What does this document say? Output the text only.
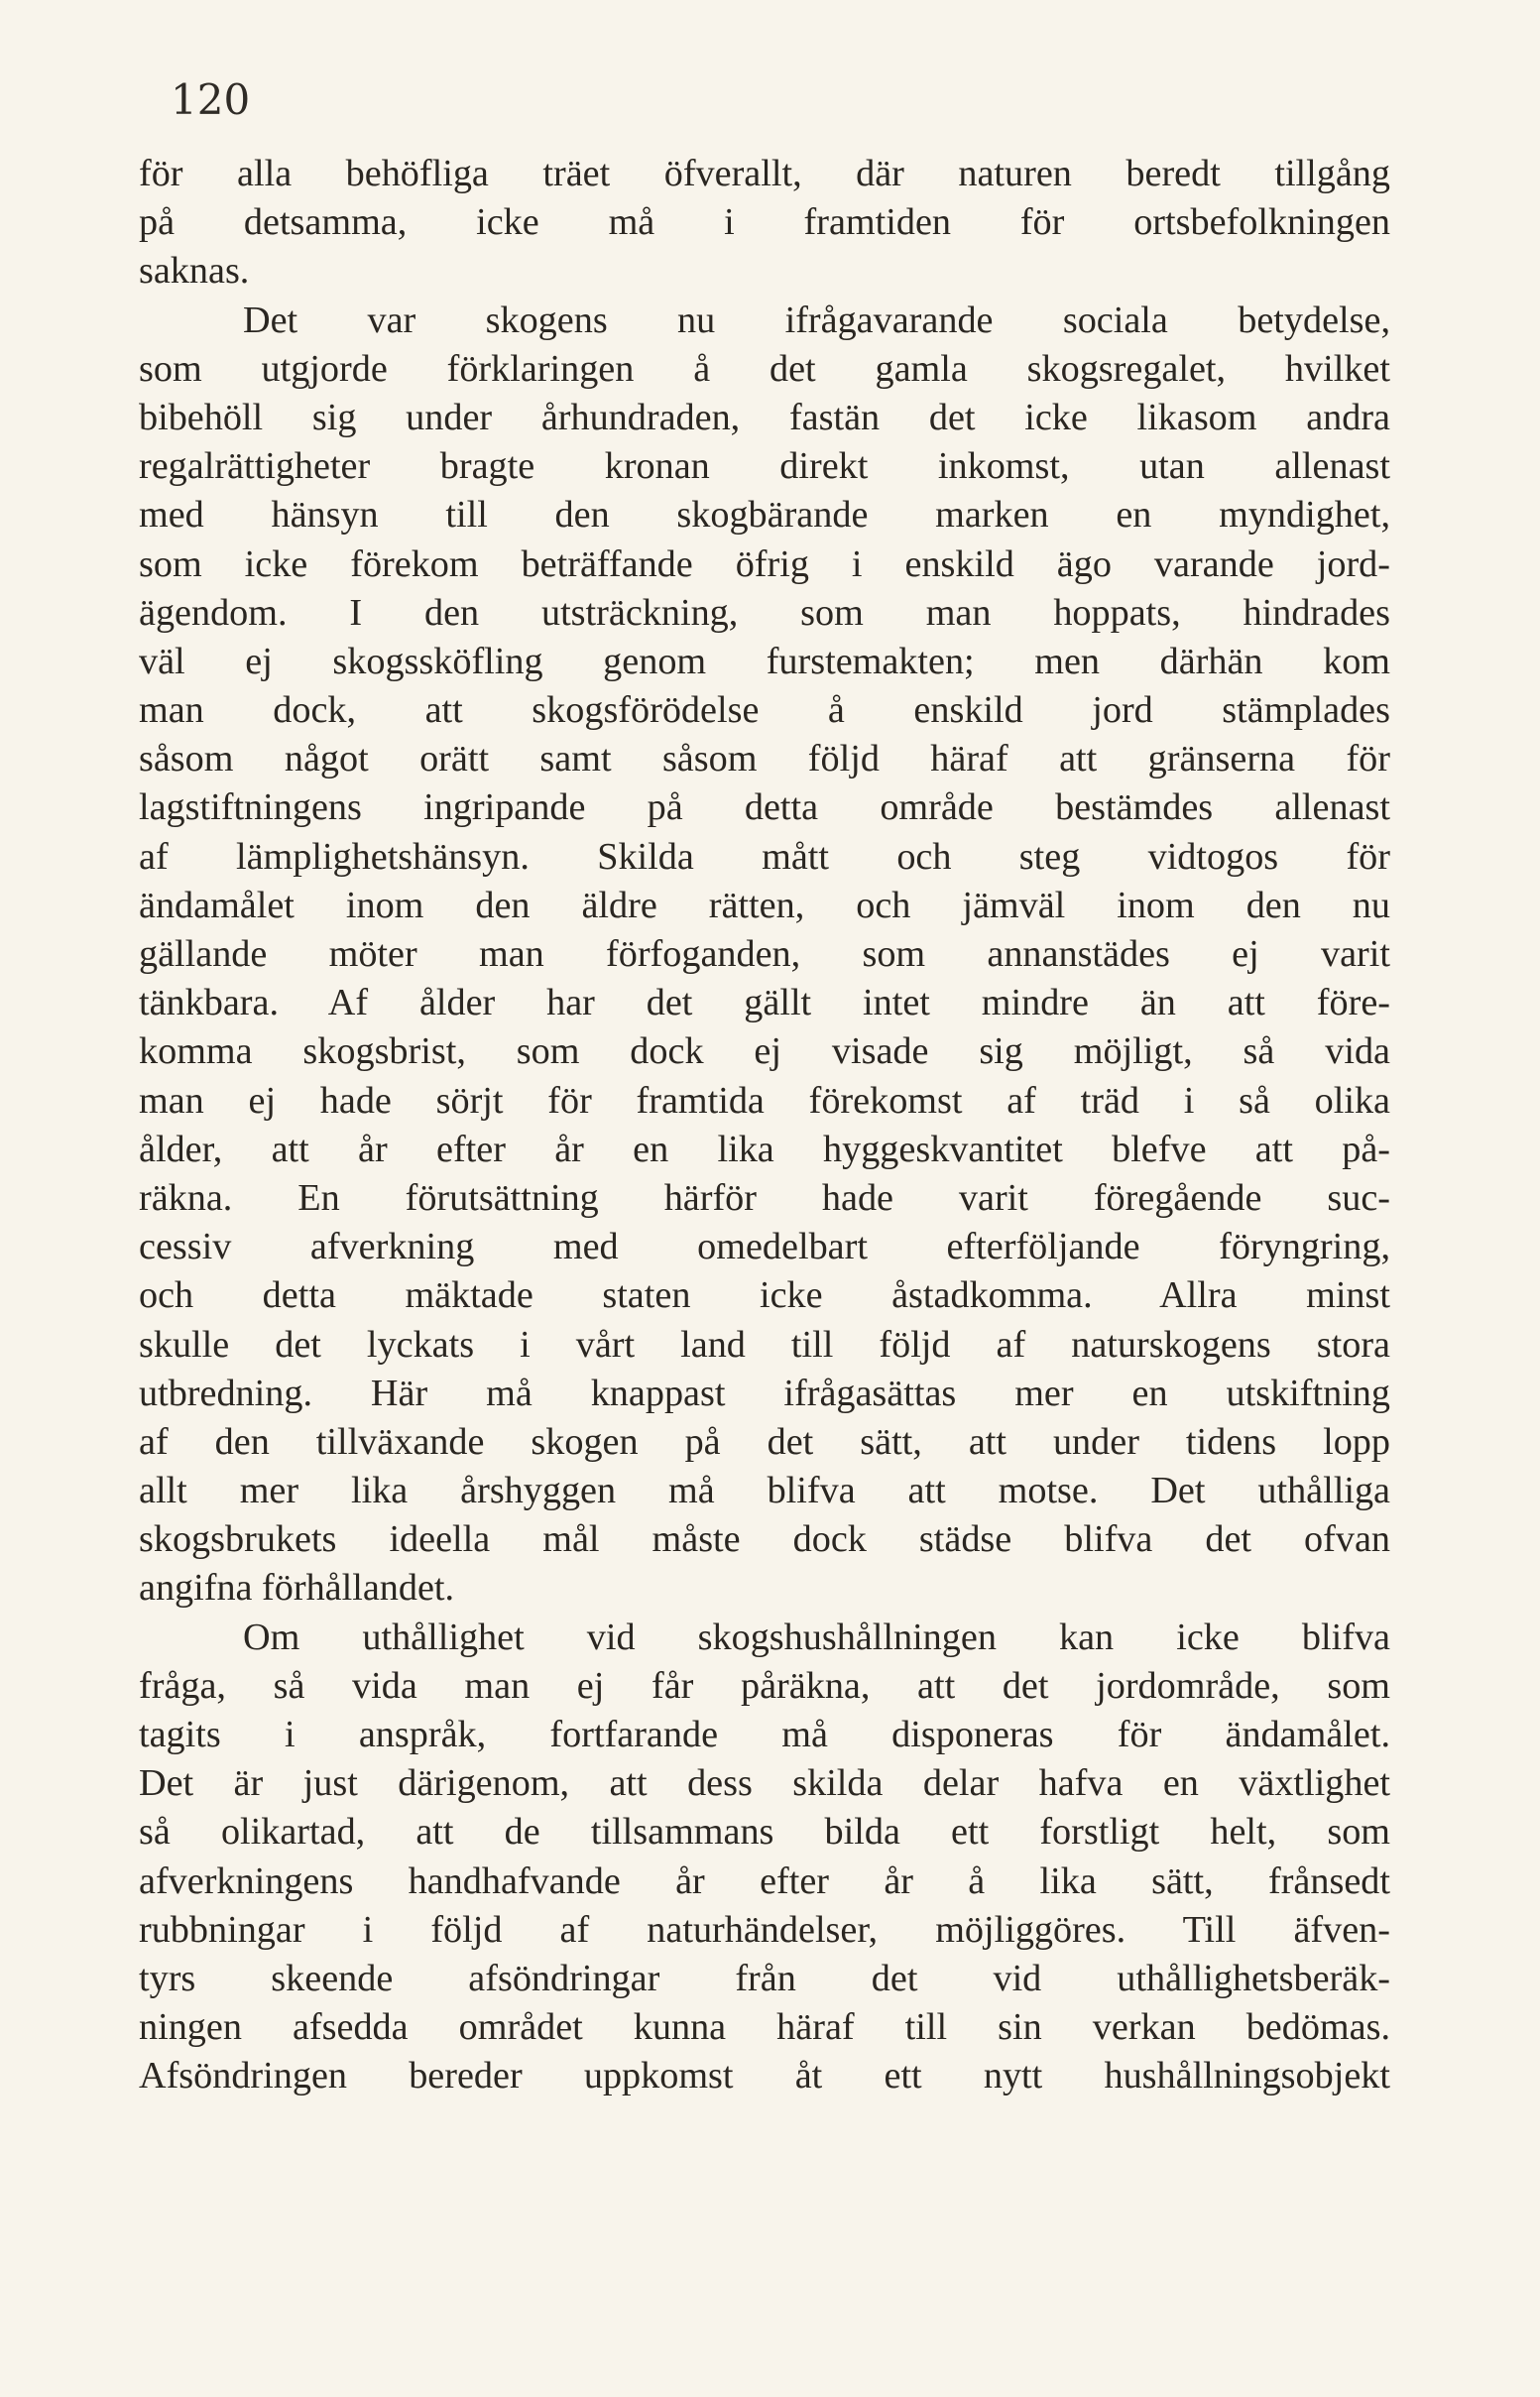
120
för alla behöfliga träet öfverallt, där naturen beredt tillgång
på detsamma, icke må i framtiden för ortsbefolkningen
saknas.
Det var skogens nu ifrågavarande sociala betydelse,
som utgjorde förklaringen å det gamla skogsregalet, hvilket
bibehöll sig under århundraden, fastän det icke likasom andra
regalrättigheter bragte kronan direkt inkomst, utan allenast
med hänsyn till den skogbärande marken en myndighet,
som icke förekom beträffande öfrig i enskild ägo varande jord-
ägendom. I den utsträckning, som man hoppats, hindrades
väl ej skogssköfling genom furstemakten; men därhän kom
man dock, att skogsförödelse å enskild jord stämplades
såsom något orätt samt såsom följd häraf att gränserna för
lagstiftningens ingripande på detta område bestämdes allenast
af lämplighetshänsyn. Skilda mått och steg vidtogos för
ändamålet inom den äldre rätten, och jämväl inom den nu
gällande möter man förfoganden, som annanstädes ej varit
tänkbara. Af ålder har det gällt intet mindre än att före-
komma skogsbrist, som dock ej visade sig möjligt, så vida
man ej hade sörjt för framtida förekomst af träd i så olika
ålder, att år efter år en lika hyggeskvantitet blefve att på-
räkna. En förutsättning härför hade varit föregående suc-
cessiv afverkning med omedelbart efterföljande föryngring,
och detta mäktade staten icke åstadkomma. Allra minst
skulle det lyckats i vårt land till följd af naturskogens stora
utbredning. Här må knappast ifrågasättas mer en utskiftning
af den tillväxande skogen på det sätt, att under tidens lopp
allt mer lika årshyggen må blifva att motse. Det uthålliga
skogsbrukets ideella mål måste dock städse blifva det ofvan
angifna förhållandet.
Om uthållighet vid skogshushållningen kan icke blifva
fråga, så vida man ej får påräkna, att det jordområde, som
tagits i anspråk, fortfarande må disponeras för ändamålet.
Det är just därigenom, att dess skilda delar hafva en växtlighet
så olikartad, att de tillsammans bilda ett forstligt helt, som
afverkningens handhafvande år efter år å lika sätt, frånsedt
rubbningar i följd af naturhändelser, möjliggöres. Till äfven-
tyrs skeende afsöndringar från det vid uthållighetsberäk-
ningen afsedda området kunna häraf till sin verkan bedömas.
Afsöndringen bereder uppkomst åt ett nytt hushållningsobjekt
